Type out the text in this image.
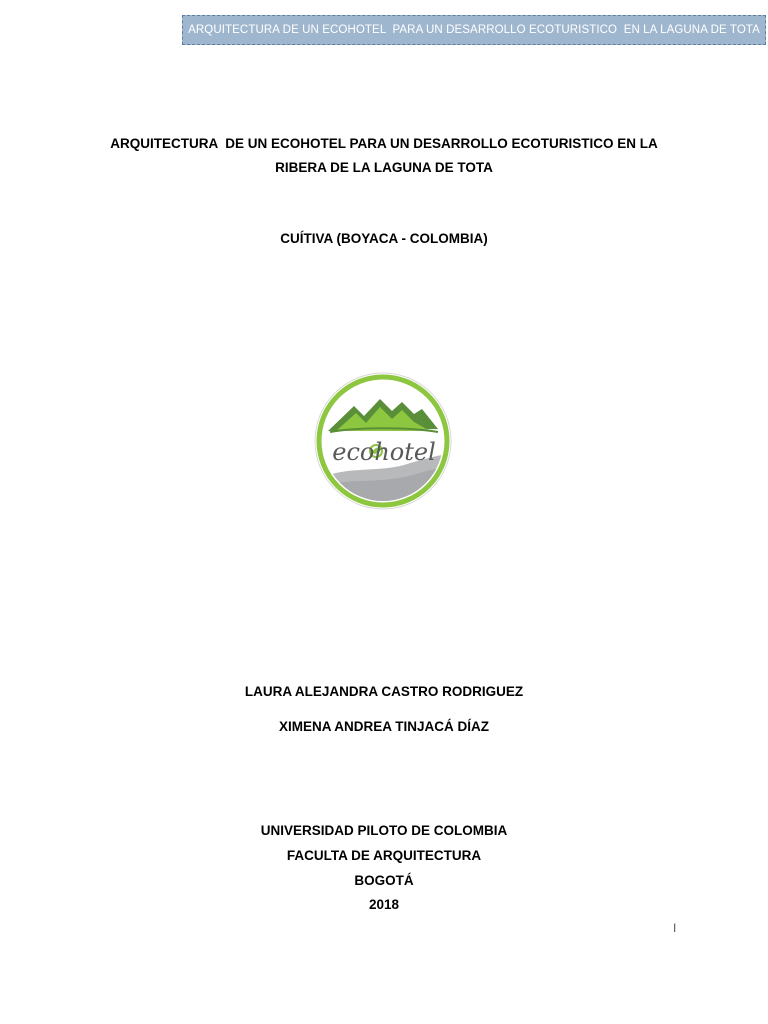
ARQUITECTURA DE UN ECOHOTEL  PARA UN DESARROLLO ECOTURISTICO  EN LA LAGUNA DE TOTA
ARQUITECTURA  DE UN ECOHOTEL PARA UN DESARROLLO ECOTURISTICO EN LA
RIBERA DE LA LAGUNA DE TOTA
CUÍTIVA (BOYACA - COLOMBIA)
ecohotel
LAURA ALEJANDRA CASTRO RODRIGUEZ
XIMENA ANDREA TINJACÁ DÍAZ
UNIVERSIDAD PILOTO DE COLOMBIA
FACULTA DE ARQUITECTURA
BOGOTÁ
2018
I
